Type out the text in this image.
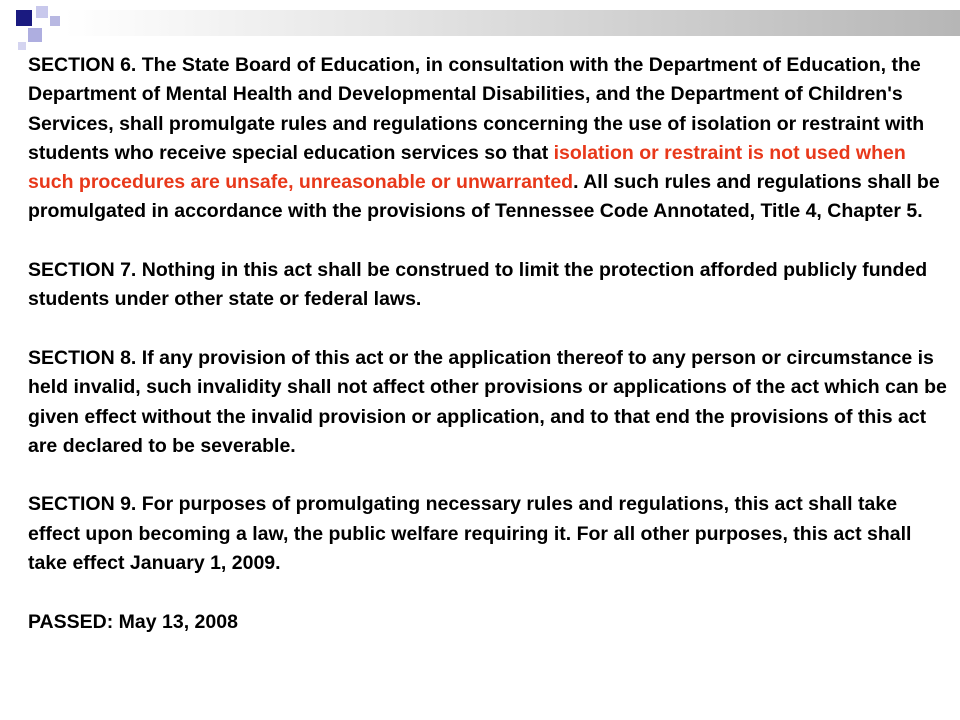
SECTION 6. The State Board of Education, in consultation with the Department of Education, the Department of Mental Health and Developmental Disabilities, and the Department of Children's Services, shall promulgate rules and regulations concerning the use of isolation or restraint with students who receive special education services so that isolation or restraint is not used when such procedures are unsafe, unreasonable or unwarranted. All such rules and regulations shall be promulgated in accordance with the provisions of Tennessee Code Annotated, Title 4, Chapter 5.

SECTION 7. Nothing in this act shall be construed to limit the protection afforded publicly funded students under other state or federal laws.

SECTION 8. If any provision of this act or the application thereof to any person or circumstance is held invalid, such invalidity shall not affect other provisions or applications of the act which can be given effect without the invalid provision or application, and to that end the provisions of this act are declared to be severable.

SECTION 9. For purposes of promulgating necessary rules and regulations, this act shall take effect upon becoming a law, the public welfare requiring it. For all other purposes, this act shall take effect January 1, 2009.

PASSED: May 13, 2008
